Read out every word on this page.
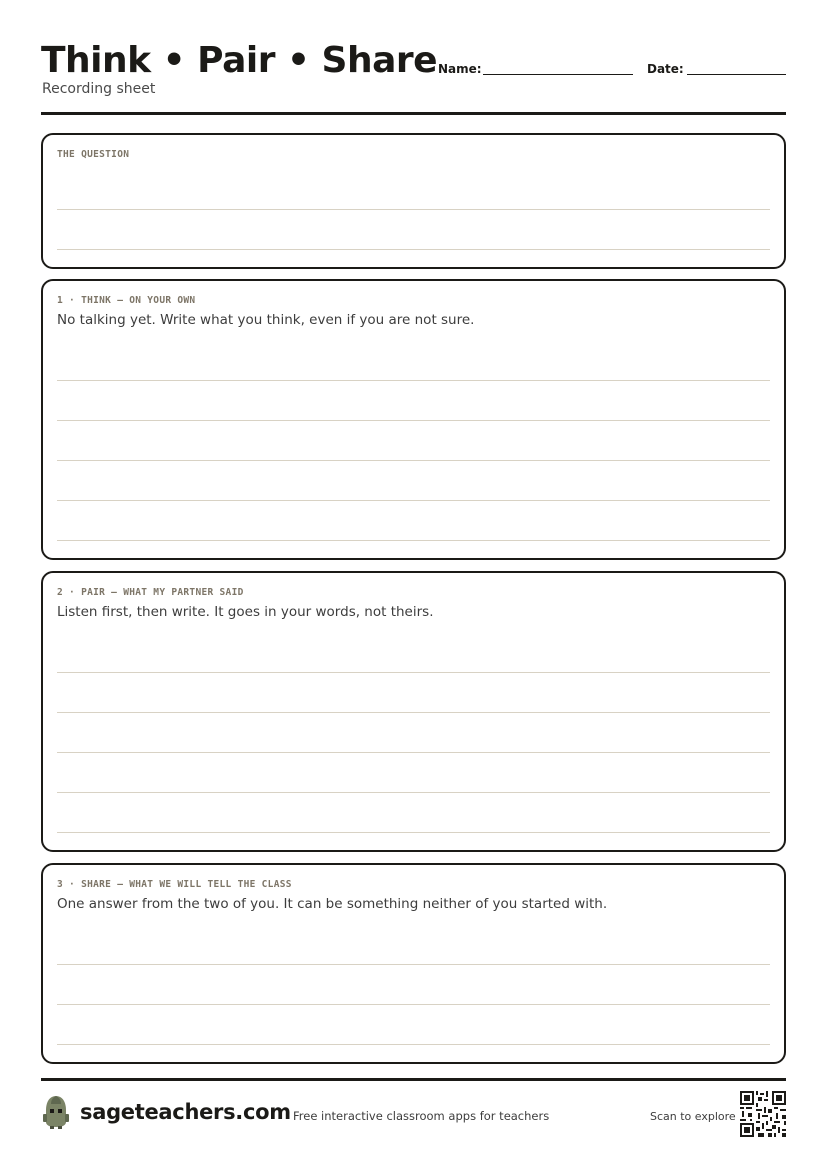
Think • Pair • Share
Recording sheet
Name:	Date:
THE QUESTION
1 · THINK — ON YOUR OWN
No talking yet. Write what you think, even if you are not sure.
2 · PAIR — WHAT MY PARTNER SAID
Listen first, then write. It goes in your words, not theirs.
3 · SHARE — WHAT WE WILL TELL THE CLASS
One answer from the two of you. It can be something neither of you started with.
sageteachers.com Free interactive classroom apps for teachers	Scan to explore
